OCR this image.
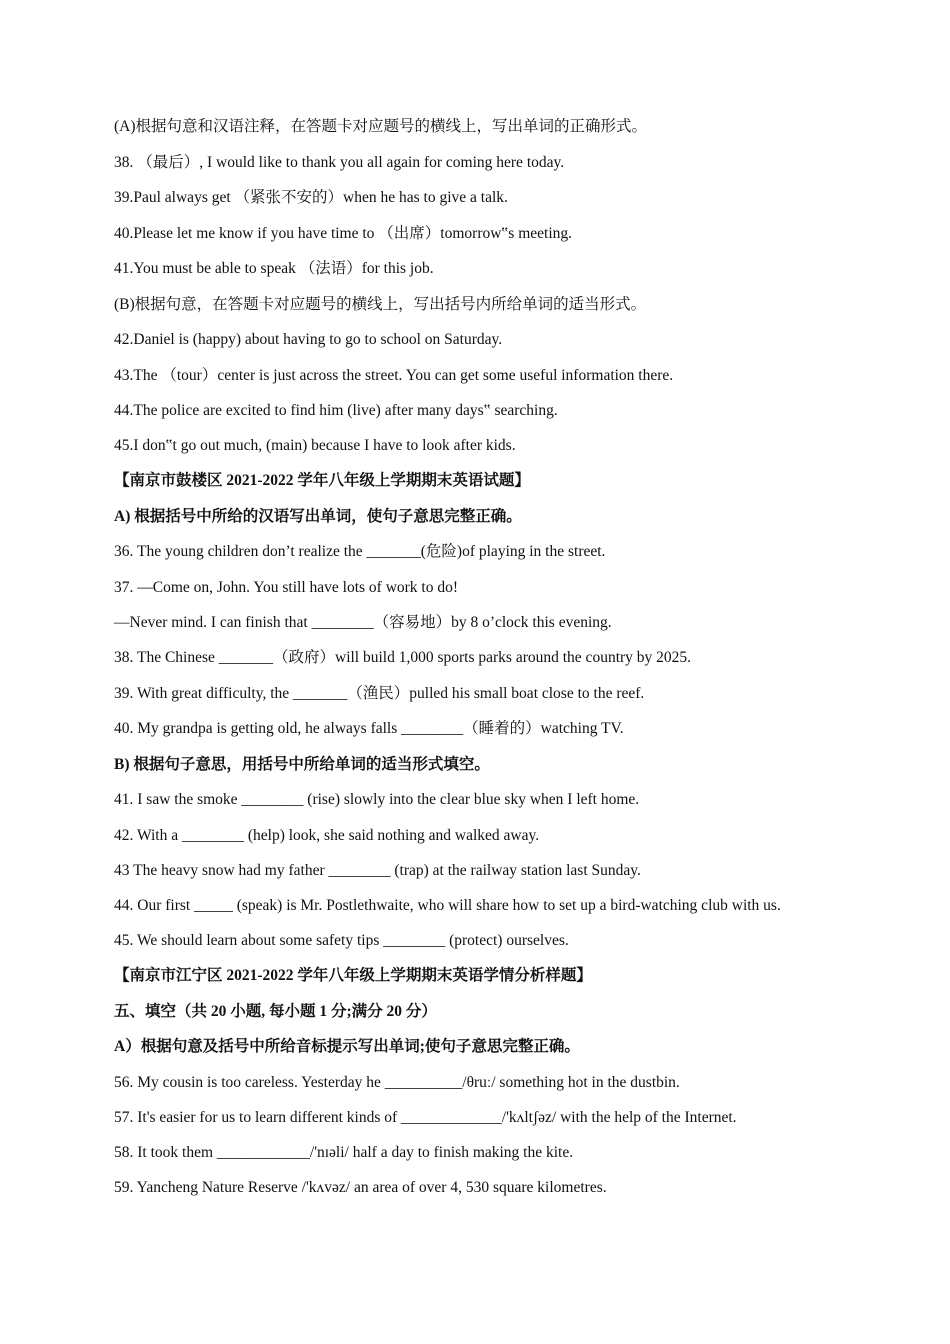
(A)根据句意和汉语注释，在答题卡对应题号的横线上，写出单词的正确形式。
38. （最后）, I would like to thank you all again for coming here today.
39.Paul always get （紧张不安的）when he has to give a talk.
40.Please let me know if you have time to （出席）tomorrow‟s meeting.
41.You must be able to speak （法语）for this job.
(B)根据句意，在答题卡对应题号的横线上，写出括号内所给单词的适当形式。
42.Daniel is (happy) about having to go to school on Saturday.
43.The （tour）center is just across the street. You can get some useful information there.
44.The police are excited to find him (live) after many days‟ searching.
45.I don‟t go out much, (main) because I have to look after kids.
【南京市鼓楼区 2021-2022 学年八年级上学期期末英语试题】
A) 根据括号中所给的汉语写出单词，使句子意思完整正确。
36. The young children don’t realize the _______(危险)of playing in the street.
37. —Come on, John. You still have lots of work to do!
—Never mind. I can finish that ________（容易地）by 8 o’clock this evening.
38. The Chinese _______（政府）will build 1,000 sports parks around the country by 2025.
39. With great difficulty, the _______（渔民）pulled his small boat close to the reef.
40. My grandpa is getting old, he always falls ________（睡着的）watching TV.
B) 根据句子意思，用括号中所给单词的适当形式填空。
41. I saw the smoke ________ (rise) slowly into the clear blue sky when I left home.
42. With a ________ (help) look, she said nothing and walked away.
43 The heavy snow had my father ________ (trap) at the railway station last Sunday.
44. Our first _____ (speak) is Mr. Postlethwaite, who will share how to set up a bird-watching club with us.
45. We should learn about some safety tips ________ (protect) ourselves.
【南京市江宁区 2021-2022 学年八年级上学期期末英语学情分析样题】
五、填空（共 20 小题, 每小题 1 分;满分 20 分）
A）根据句意及括号中所给音标提示写出单词;使句子意思完整正确。
56. My cousin is too careless. Yesterday he __________/θruː/ something hot in the dustbin.
57. It's easier for us to learn different kinds of _____________/'kʌltʃəz/ with the help of the Internet.
58. It took them ____________/'nɪəli/ half a day to finish making the kite.
59. Yancheng Nature Reserve /'kʌvəz/ an area of over 4, 530 square kilometres.
